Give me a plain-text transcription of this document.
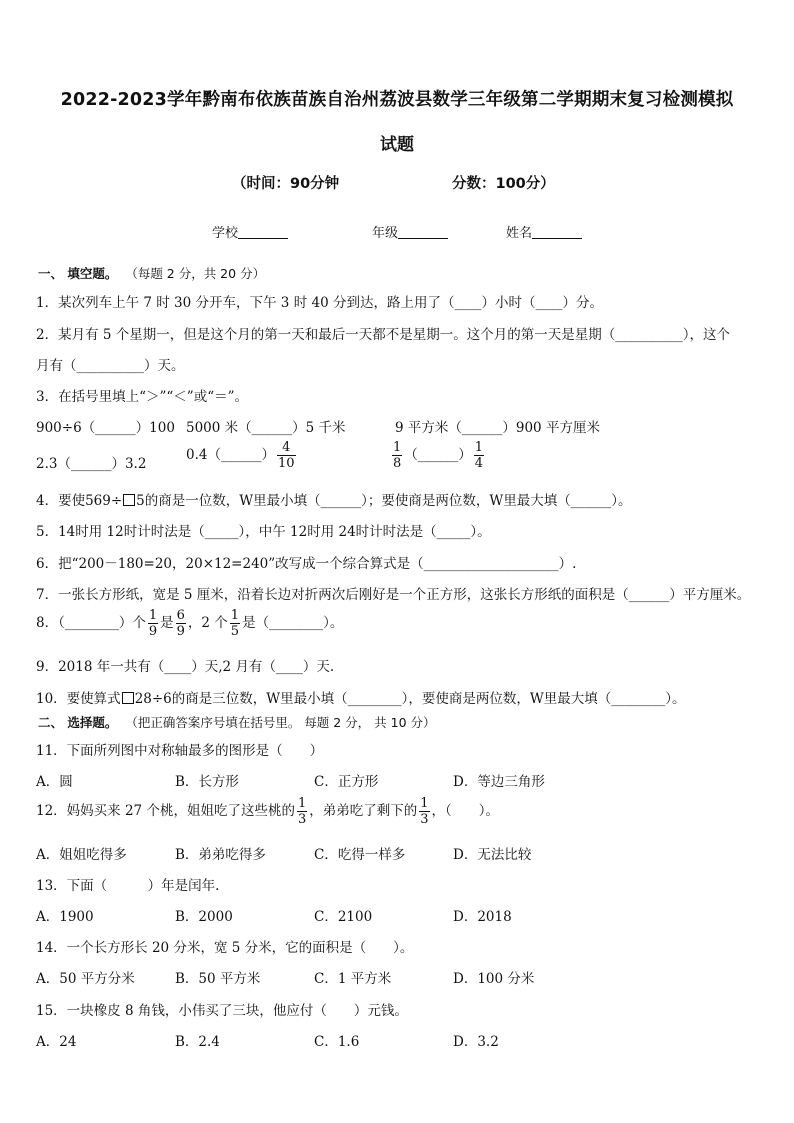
2022-2023学年黔南布依族苗族自治州荔波县数学三年级第二学期期末复习检测模拟
试题
（时间：90分钟	分数：100分）
学校	年级	姓名
一、 填空题。 （每题 2 分，共 20 分）
1．某次列车上午 7 时 30 分开车，下午 3 时 40 分到达，路上用了（____）小时（____）分。
2．某月有 5 个星期一，但是这个月的第一天和最后一天都不是星期一。这个月的第一天是星期（__________），这个
月有（__________）天。
3．在括号里填上“＞”“＜”或“＝”。
900÷6（______）100 5000 米（______）5 千米	9 平方米（______）900 平方厘米
2.3（______）3.2
0.4（______） $\frac{4}{10}$	$\frac{1}{8}$ （______） $\frac{1}{4}$
4．要使569÷ 5的商是一位数，W里最小填（______）；要使商是两位数，W里最大填（______）。
5．14时用 12时计时法是（_____），中午 12时用 24时计时法是（_____）。
6．把“200－180=20，20×12=240”改写成一个综合算式是（____________________）.
7．一张长方形纸，宽是 5 厘米，沿着长边对折两次后刚好是一个正方形，这张长方形纸的面积是（______）平方厘米。
8．（________）个 $\frac{1}{9}$ 是 $\frac{6}{9}$ ，2 个 $\frac{1}{5}$ 是（________）。
9．2018 年一共有（____）天,2 月有（____）天.
10．要使算式 28÷6的商是三位数，W里最小填（________），要使商是两位数，W里最大填（________）。
二、 选择题。 （把正确答案序号填在括号里。 每题 2 分， 共 10 分）
11．下面所列图中对称轴最多的图形是（　　）
A．圆	B．长方形	C．正方形	D．等边三角形
12．妈妈买来 27 个桃，姐姐吃了这些桃的 $\frac{1}{3}$ ，弟弟吃了剩下的 $\frac{1}{3}$ ，（　　）。
A．姐姐吃得多	B．弟弟吃得多	C．吃得一样多	D．无法比较
13．下面（　　　）年是闰年.
A．1900	B．2000	C．2100	D．2018
14．一个长方形长 20 分米，宽 5 分米，它的面积是（　　）。
A．50 平方分米	B．50 平方米	C．1 平方米	D．100 分米
15．一块橡皮 8 角钱，小伟买了三块，他应付（　　）元钱。
A．24	B．2.4	C．1.6	D．3.2
